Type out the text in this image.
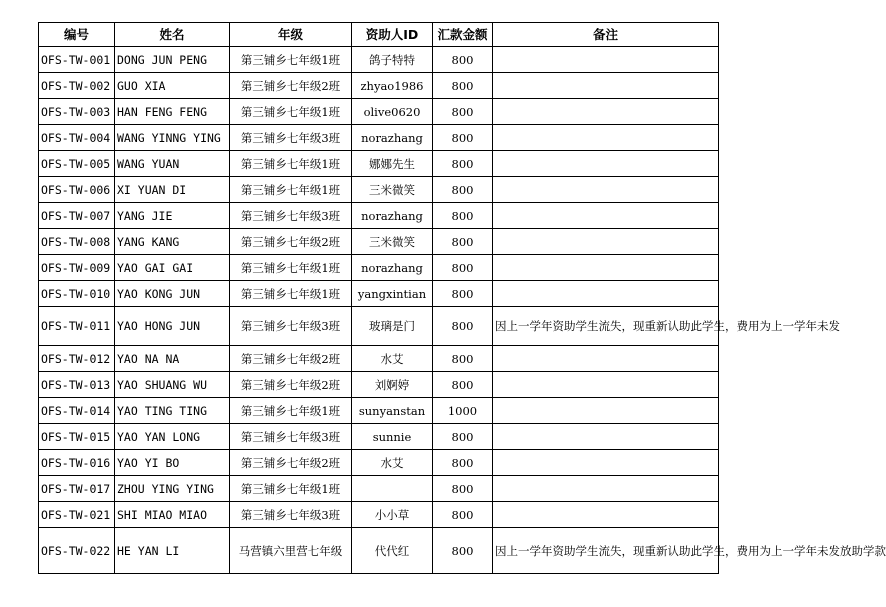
编号	姓名	年级	资助人ID	汇款金额	备注
OFS-TW-001	DONG JUN PENG	第三铺乡七年级1班	鸽子特特	800	
OFS-TW-002	GUO XIA	第三铺乡七年级2班	zhyao1986	800	
OFS-TW-003	HAN FENG FENG	第三铺乡七年级1班	olive0620	800	
OFS-TW-004	WANG YINNG YING	第三铺乡七年级3班	norazhang	800	
OFS-TW-005	WANG YUAN	第三铺乡七年级1班	娜娜先生	800	
OFS-TW-006	XI YUAN DI	第三铺乡七年级1班	三米微笑	800	
OFS-TW-007	YANG JIE	第三铺乡七年级3班	norazhang	800	
OFS-TW-008	YANG KANG	第三铺乡七年级2班	三米微笑	800	
OFS-TW-009	YAO GAI GAI	第三铺乡七年级1班	norazhang	800	
OFS-TW-010	YAO KONG JUN	第三铺乡七年级1班	yangxintian	800	
OFS-TW-011	YAO HONG JUN	第三铺乡七年级3班	玻璃是门	800	因上一学年资助学生流失，现重新认助此学生，费用为上一学年未发
OFS-TW-012	YAO NA NA	第三铺乡七年级2班	水艾	800	
OFS-TW-013	YAO SHUANG WU	第三铺乡七年级2班	刘婀婷	800	
OFS-TW-014	YAO TING TING	第三铺乡七年级1班	sunyanstan	1000	
OFS-TW-015	YAO YAN LONG	第三铺乡七年级3班	sunnie	800	
OFS-TW-016	YAO YI BO	第三铺乡七年级2班	水艾	800	
OFS-TW-017	ZHOU YING YING	第三铺乡七年级1班		800	
OFS-TW-021	SHI MIAO MIAO	第三铺乡七年级3班	小小草	800	
OFS-TW-022	HE YAN LI	马营镇六里营七年级	代代红	800	因上一学年资助学生流失，现重新认助此学生，费用为上一学年未发放助学款
